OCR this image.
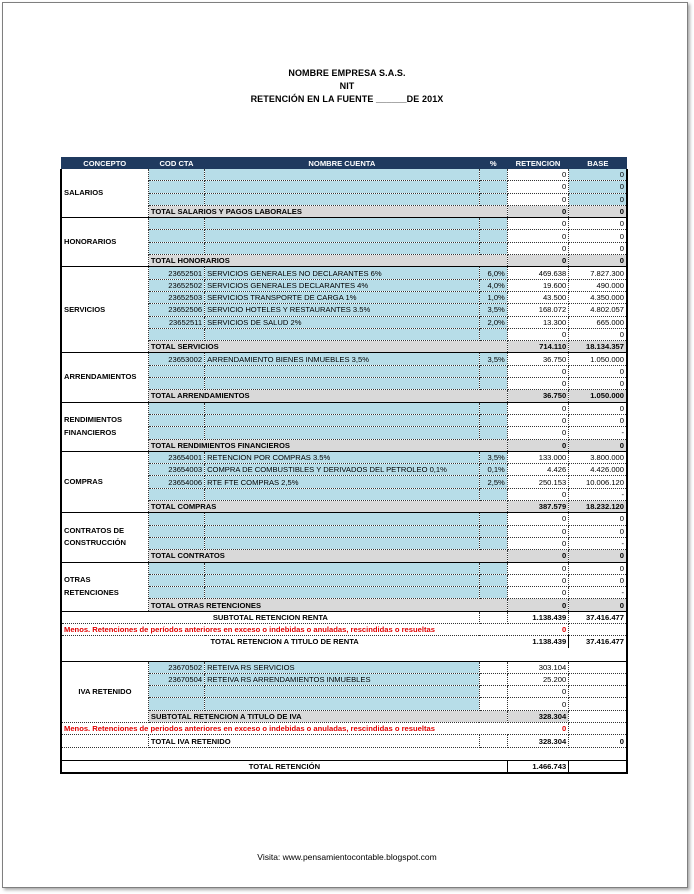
NOMBRE EMPRESA S.A.S.
NIT
RETENCIÓN EN LA FUENTE ______DE 201X
CONCEPTO	COD CTA	NOMBRE CUENTA	%	RETENCION	BASE
SALARIOS				0	0
				0	0
				0	0
	TOTAL SALARIOS Y PAGOS LABORALES			0	0
HONORARIOS				0	0
				0	0
				0	0
	TOTAL HONORARIOS			0	0
SERVICIOS	23652501	SERVICIOS GENERALES NO DECLARANTES 6%	6,0%	469.638	7.827.300
	23652502	SERVICIOS GENERALES DECLARANTES 4%	4,0%	19.600	490.000
	23652503	SERVICIOS TRANSPORTE DE CARGA 1%	1,0%	43.500	4.350.000
	23652506	SERVICIO HOTELES Y RESTAURANTES 3.5%	3,5%	168.072	4.802.057
	23652511	SERVICIOS DE SALUD 2%	2,0%	13.300	665.000
				0	0
	TOTAL SERVICIOS			714.110	18.134.357
ARRENDAMIENTOS	23653002	ARRENDAMIENTO BIENES INMUEBLES 3,5%	3,5%	36.750	1.050.000
				0	0
				0	0
	TOTAL ARRENDAMIENTOS			36.750	1.050.000
RENDIMIENTOS FINANCIEROS				0	0
				0	0
				0	-
	TOTAL RENDIMIENTOS FINANCIEROS			0	0
COMPRAS	23654001	RETENCION POR COMPRAS 3.5%	3,5%	133.000	3.800.000
	23654003	COMPRA DE COMBUSTIBLES Y DERIVADOS DEL PETROLEO 0,1%	0,1%	4.426	4.426.000
	23654006	RTE FTE COMPRAS 2,5%	2,5%	250.153	10.006.120
				0	-
	TOTAL COMPRAS			387.579	18.232.120
CONTRATOS DE CONSTRUCCIÓN				0	0
				0	0
				0	-
	TOTAL CONTRATOS			0	0
OTRAS RETENCIONES				0	0
				0	0
				0	-
	TOTAL OTRAS RETENCIONES			0	0
SUBTOTAL RETENCION RENTA				1.138.439	37.416.477
Menos. Retenciones de períodos anteriores en exceso o indebidas o anuladas, rescindidas o resueltas				0	
TOTAL RETENCION A TITULO DE RENTA				1.138.439	37.416.477

IVA RETENIDO	23670502	RETEIVA RS SERVICIOS		303.104	
	23670504	RETEIVA RS ARRENDAMIENTOS INMUEBLES		25.200	
				0	
				0	
	SUBTOTAL RETENCION A TITULO DE IVA			328.304	
Menos. Retenciones de periodos anteriores en exceso o indebidas o anuladas, rescindidas o resueltas				0	
	TOTAL IVA RETENIDO			328.304	0

TOTAL RETENCIÓN				1.466.743	
Visita: www.pensamientocontable.blogspot.com
